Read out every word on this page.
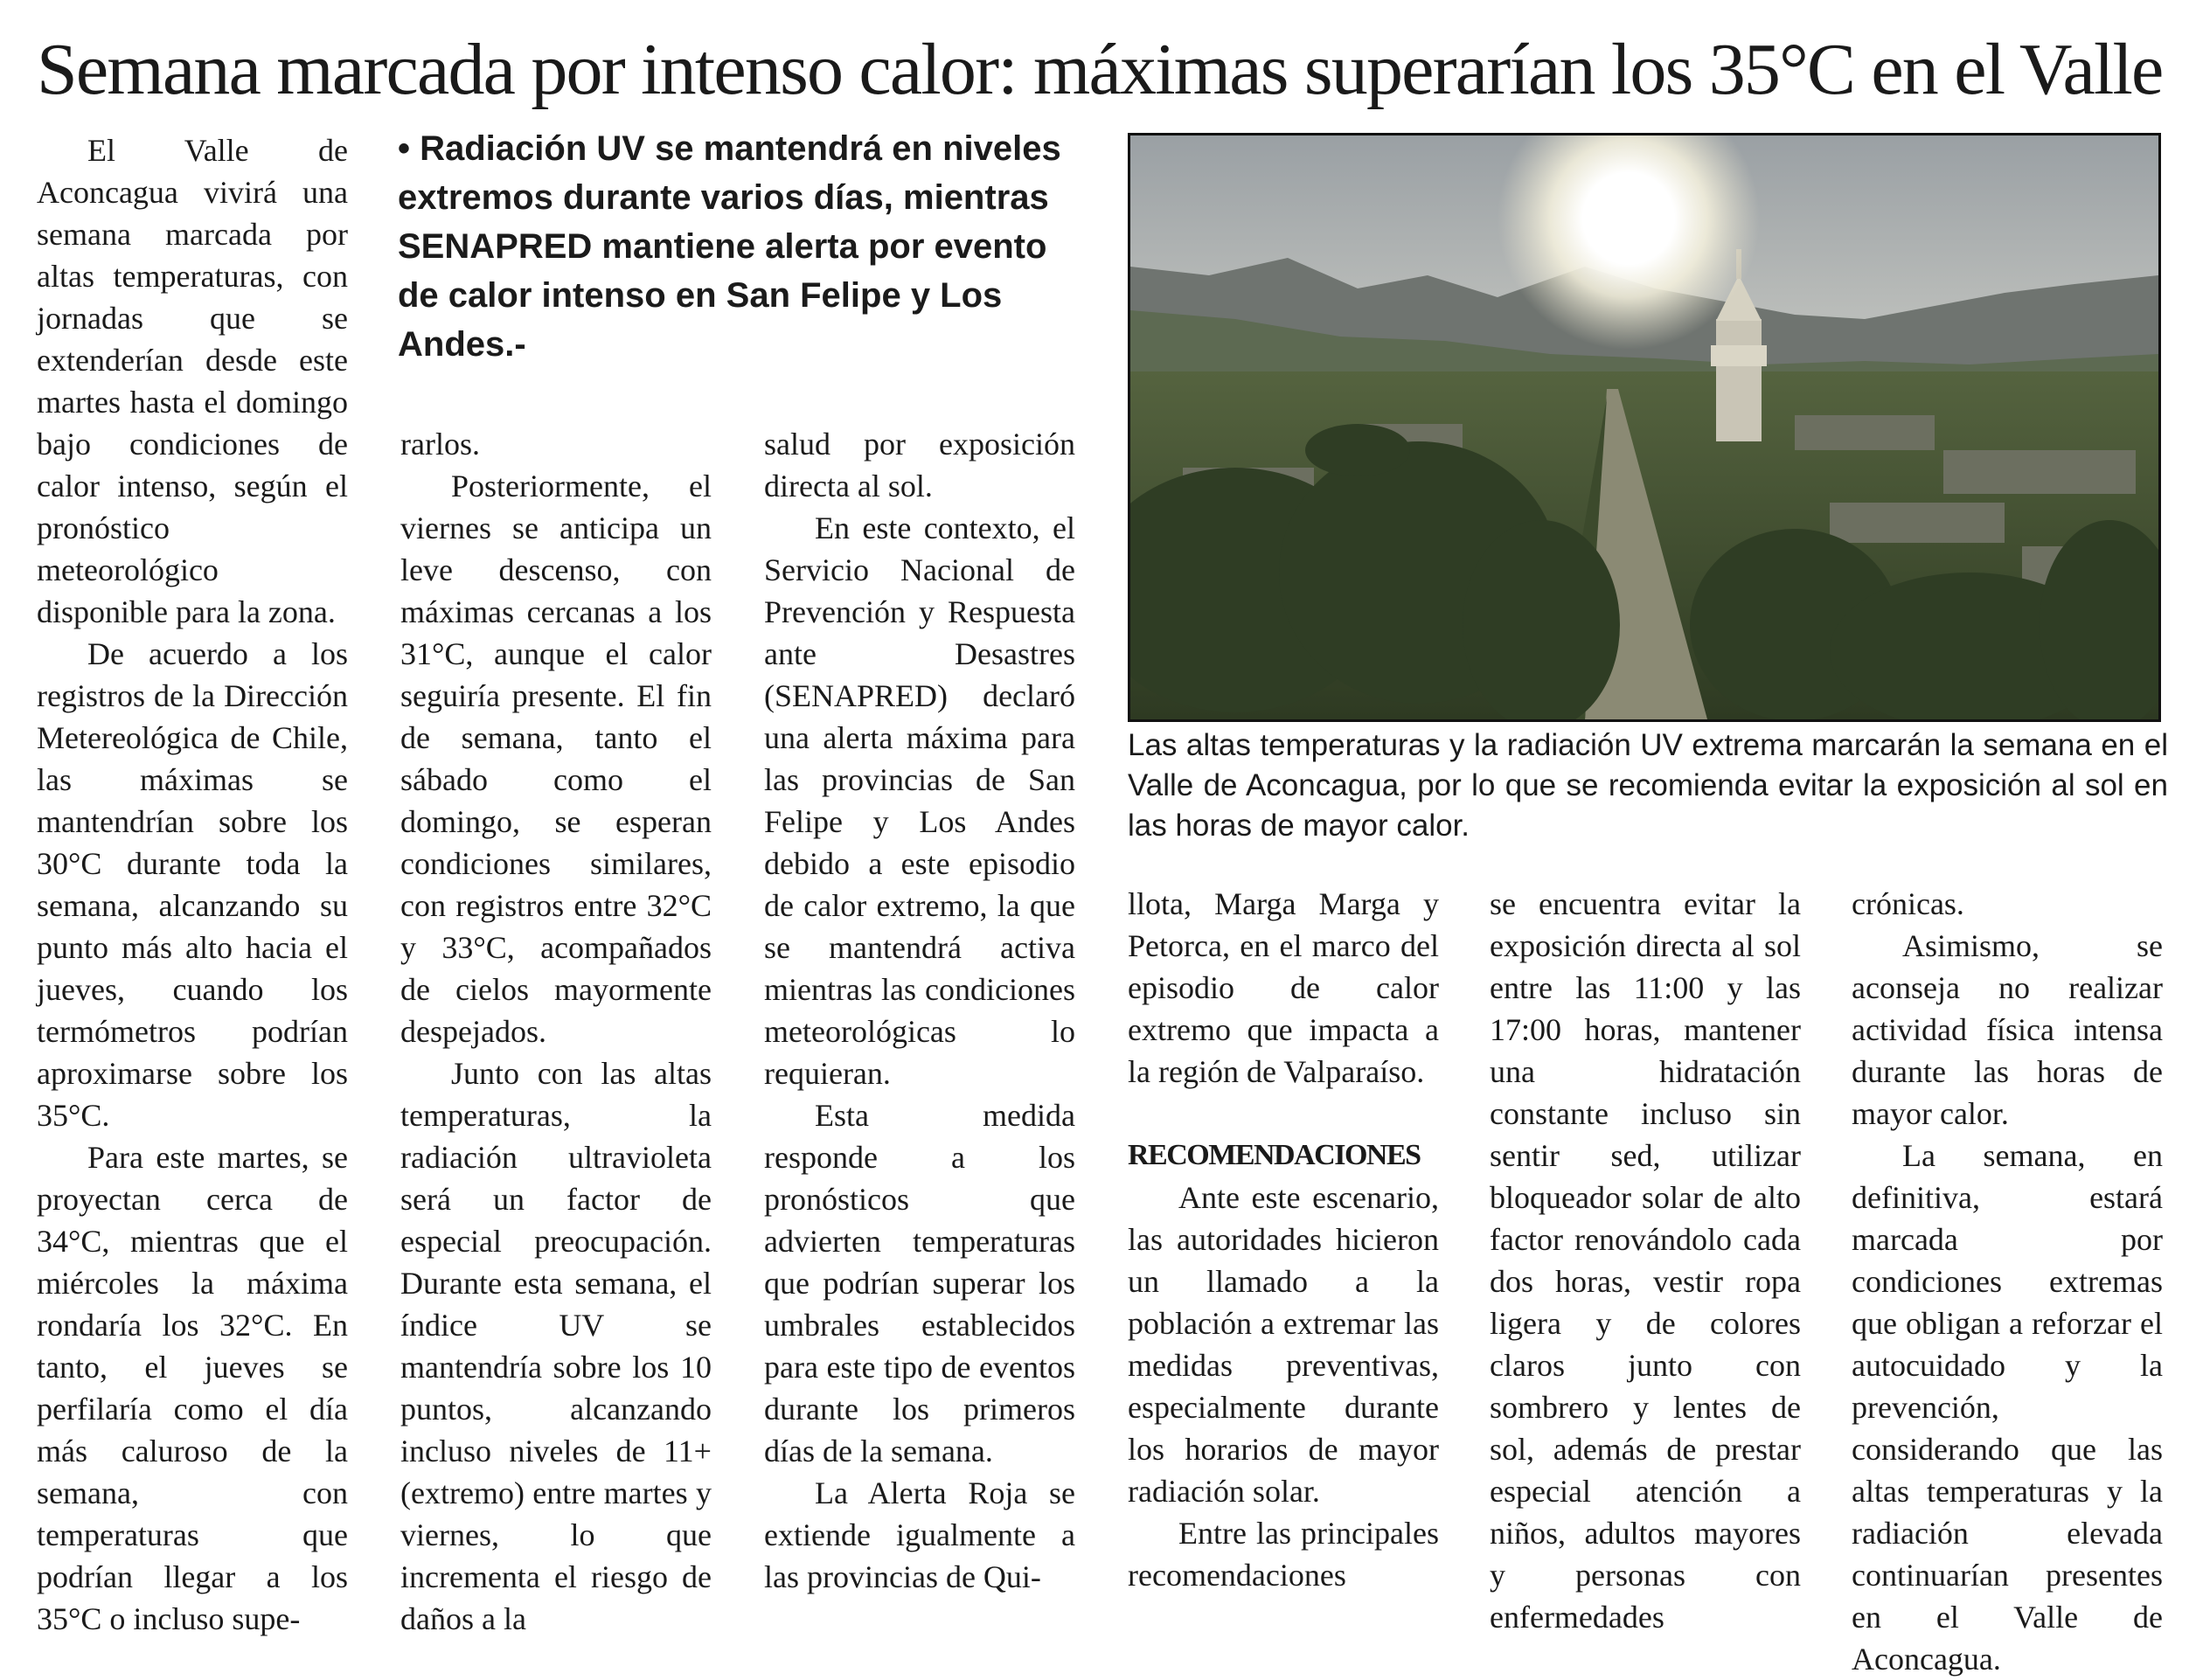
Semana marcada por intenso calor: máximas superarían los 35°C en el Valle

El Valle de Aconcagua vivirá una semana marcada por altas temperaturas, con jornadas que se extenderían desde este martes hasta el domingo bajo condiciones de calor intenso, según el pronóstico meteorológico disponible para la zona.

De acuerdo a los registros de la Dirección Metereológica de Chile, las máximas se mantendrían sobre los 30°C durante toda la semana, alcanzando su punto más alto hacia el jueves, cuando los termómetros podrían aproximarse sobre los 35°C.

Para este martes, se proyectan cerca de 34°C, mientras que el miércoles la máxima rondaría los 32°C. En tanto, el jueves se perfilaría como el día más caluroso de la semana, con temperaturas que podrían llegar a los 35°C o incluso supe-

• Radiación UV se mantendrá en niveles extremos durante varios días, mientras SENAPRED mantiene alerta por evento de calor intenso en San Felipe y Los Andes.-

rarlos.

Posteriormente, el viernes se anticipa un leve descenso, con máximas cercanas a los 31°C, aunque el calor seguiría presente. El fin de semana, tanto el sábado como el domingo, se esperan condiciones similares, con registros entre 32°C y 33°C, acompañados de cielos mayormente despejados.

Junto con las altas temperaturas, la radiación ultravioleta será un factor de especial preocupación. Durante esta semana, el índice UV se mantendría sobre los 10 puntos, alcanzando incluso niveles de 11+ (extremo) entre martes y viernes, lo que incrementa el riesgo de daños a la

salud por exposición directa al sol.

En este contexto, el Servicio Nacional de Prevención y Respuesta ante Desastres (SENAPRED) declaró una alerta máxima para las provincias de San Felipe y Los Andes debido a este episodio de calor extremo, la que se mantendrá activa mientras las condiciones meteorológicas lo requieran.

Esta medida responde a los pronósticos que advierten temperaturas que podrían superar los umbrales establecidos para este tipo de eventos durante los primeros días de la semana.

La Alerta Roja se extiende igualmente a las provincias de Qui-

Las altas temperaturas y la radiación UV extrema marcarán la semana en el Valle de Aconcagua, por lo que se recomienda evitar la exposición al sol en las horas de mayor calor.

llota, Marga Marga y Petorca, en el marco del episodio de calor extremo que impacta a la región de Valparaíso.

RECOMENDACIONES

Ante este escenario, las autoridades hicieron un llamado a la población a extremar las medidas preventivas, especialmente durante los horarios de mayor radiación solar.

Entre las principales recomendaciones

se encuentra evitar la exposición directa al sol entre las 11:00 y las 17:00 horas, mantener una hidratación constante incluso sin sentir sed, utilizar bloqueador solar de alto factor renovándolo cada dos horas, vestir ropa ligera y de colores claros junto con sombrero y lentes de sol, además de prestar especial atención a niños, adultos mayores y personas con enfermedades

crónicas.

Asimismo, se aconseja no realizar actividad física intensa durante las horas de mayor calor.

La semana, en definitiva, estará marcada por condiciones extremas que obligan a reforzar el autocuidado y la prevención, considerando que las altas temperaturas y la radiación elevada continuarían presentes en el Valle de Aconcagua.
